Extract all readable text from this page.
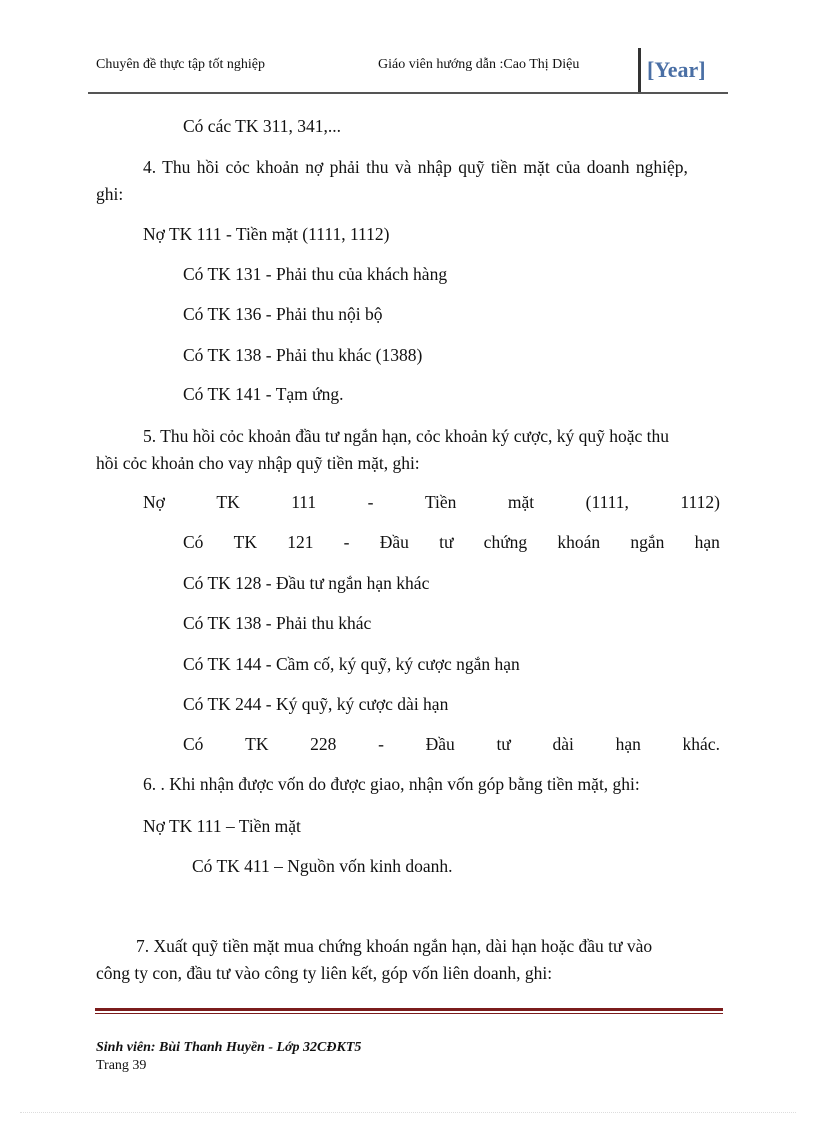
Chuyên đề thực tập tốt nghiệp	Giáo viên hướng dẫn :Cao Thị Diệu	[Year]
Có các TK 311, 341,...
4. Thu hồi cỏc khoản nợ phải thu và nhập quỹ tiền mặt của doanh nghiệp,
ghi:
Nợ TK 111 - Tiền mặt (1111, 1112)
Có TK 131 - Phải thu của khách hàng
Có TK 136 - Phải thu nội bộ
Có TK 138 - Phải thu khác (1388)
Có TK 141 - Tạm ứng.
5. Thu hồi cỏc khoản đầu tư ngắn hạn, cỏc khoản ký cược, ký quỹ hoặc thu
hồi cỏc khoản cho vay nhập quỹ tiền mặt, ghi:
Nợ	TK	111	-	Tiền	mặt	(1111,	1112)
Có TK 121 - Đầu tư chứng khoán ngắn hạn
Có TK 128 - Đầu tư ngắn hạn khác
Có TK 138 - Phải thu khác
Có TK 144 - Cầm cố, ký quỹ, ký cược ngắn hạn
Có TK 244 - Ký quỹ, ký cược dài hạn
Có TK 228 - Đầu tư dài hạn khác.
6. . Khi nhận được vốn do được giao, nhận vốn góp bằng tiền mặt, ghi:
Nợ TK 111 – Tiền mặt
Có TK 411 – Nguồn vốn kinh doanh.
7. Xuất quỹ tiền mặt mua chứng khoán ngắn hạn, dài hạn hoặc đầu tư vào
công ty con, đầu tư vào công ty liên kết, góp vốn liên doanh, ghi:
Sinh viên: Bùi Thanh Huyền - Lớp 32CĐKT5
Trang 39
